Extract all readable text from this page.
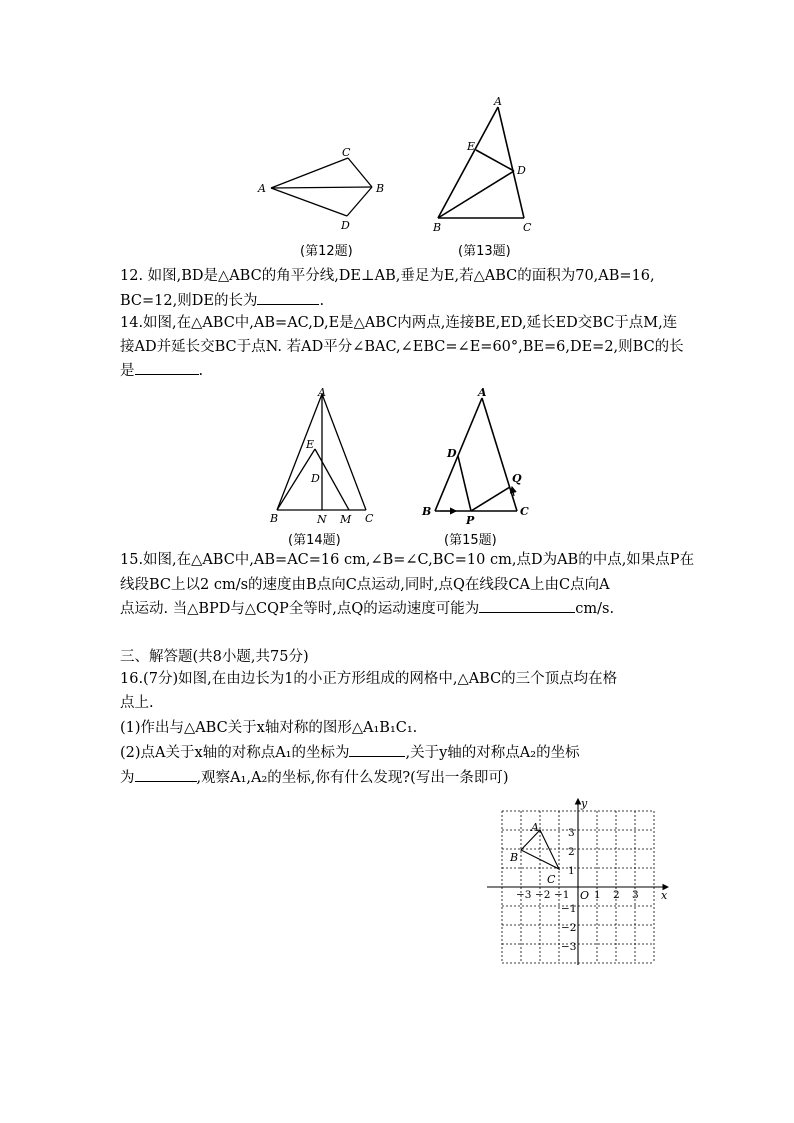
A
C
B
D
(第12题)
A
E
D
B	C
(第13题)
12. 如图,BD是△ABC的角平分线,DE⊥AB,垂足为E,若△ABC的面积为70,AB=16,
BC=12,则DE的长为	.
14.如图,在△ABC中,AB=AC,D,E是△ABC内两点,连接BE,ED,延长ED交BC于点M,连
接AD并延长交BC于点N. 若AD平分∠BAC,∠EBC=∠E=60°,BE=6,DE=2,则BC的长
是	.
A
E
D
B	N M C
(第14题)
A
D
Q
B
P
C
(第15题)
15.如图,在△ABC中,AB=AC=16 cm,∠B=∠C,BC=10 cm,点D为AB的中点,如果点P在
线段BC上以2 cm/s的速度由B点向C点运动,同时,点Q在线段CA上由C点向A
点运动. 当△BPD与△CQP全等时,点Q的运动速度可能为	cm/s.
三、解答题(共8小题,共75分)
16.(7分)如图,在由边长为1的小正方形组成的网格中,△ABC的三个顶点均在格
点上.
(1)作出与△ABC关于x轴对称的图形△A₁B₁C₁.
(2)点A关于x轴的对称点A₁的坐标为	,关于y轴的对称点A₂的坐标
为	,观察A₁,A₂的坐标,你有什么发现?(写出一条即可)
A
B
C
O	x
y
−3 −2 −1 1 2 3
3
2
1
−1
−2
−3
